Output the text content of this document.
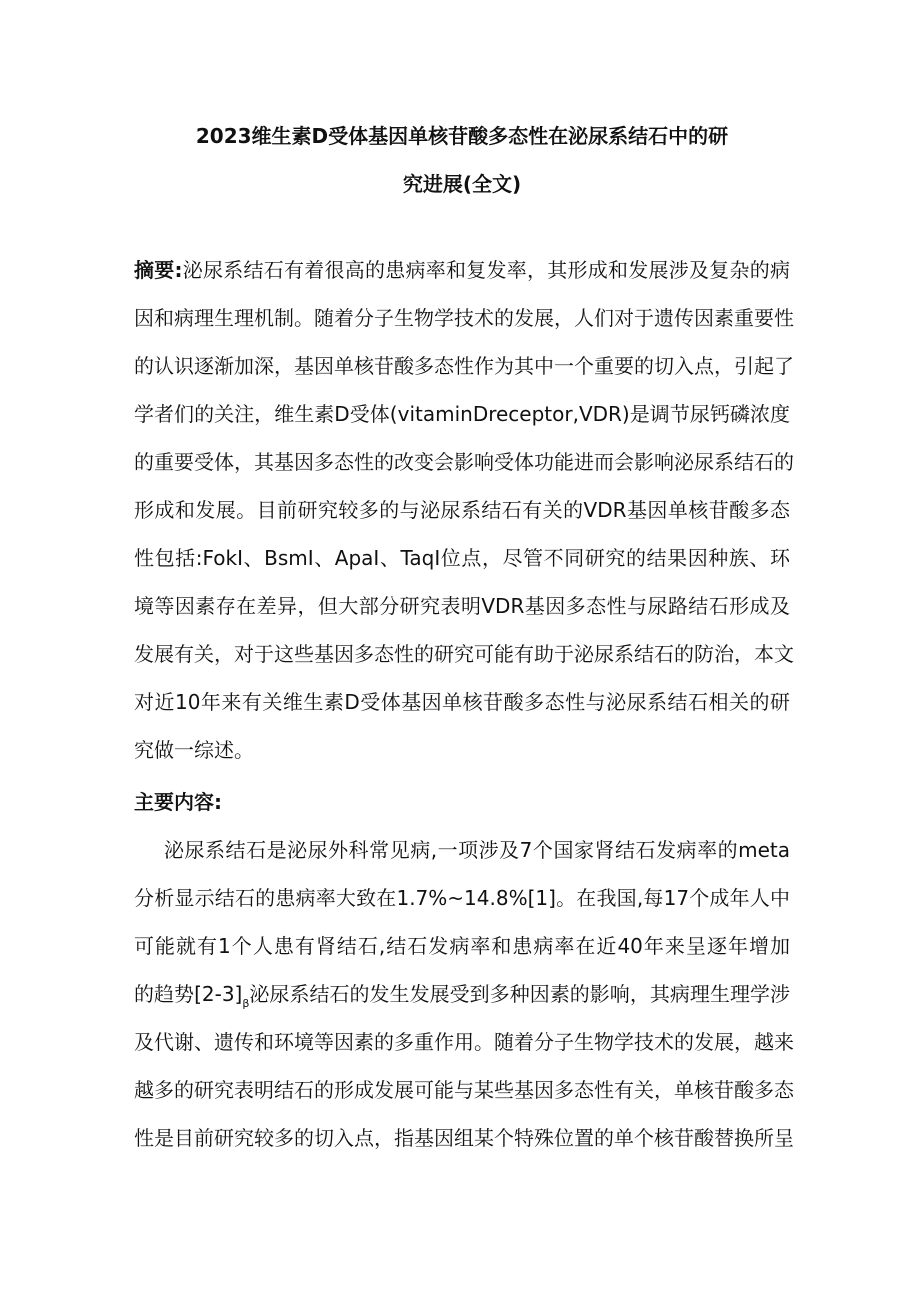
2023维生素D受体基因单核苷酸多态性在泌尿系结石中的研
究进展(全文)
摘要:泌尿系结石有着很高的患病率和复发率，其形成和发展涉及复杂的病
因和病理生理机制。随着分子生物学技术的发展，人们对于遗传因素重要性
的认识逐渐加深，基因单核苷酸多态性作为其中一个重要的切入点，引起了
学者们的关注，维生素D受体(vitaminDreceptor,VDR)是调节尿钙磷浓度
的重要受体，其基因多态性的改变会影响受体功能进而会影响泌尿系结石的
形成和发展。目前研究较多的与泌尿系结石有关的VDR基因单核苷酸多态
性包括:FokI、BsmI、ApaI、TaqI位点，尽管不同研究的结果因种族、环
境等因素存在差异，但大部分研究表明VDR基因多态性与尿路结石形成及
发展有关，对于这些基因多态性的研究可能有助于泌尿系结石的防治，本文
对近10年来有关维生素D受体基因单核苷酸多态性与泌尿系结石相关的研
究做一综述。
主要内容:
泌尿系结石是泌尿外科常见病,一项涉及7个国家肾结石发病率的meta
分析显示结石的患病率大致在1.7%~14.8%[1]。在我国,每17个成年人中
可能就有1个人患有肾结石,结石发病率和患病率在近40年来呈逐年增加
的趋势$[2-3]_\beta$泌尿系结石的发生发展受到多种因素的影响，其病理生理学涉
及代谢、遗传和环境等因素的多重作用。随着分子生物学技术的发展，越来
越多的研究表明结石的形成发展可能与某些基因多态性有关，单核苷酸多态
性是目前研究较多的切入点，指基因组某个特殊位置的单个核苷酸替换所呈
